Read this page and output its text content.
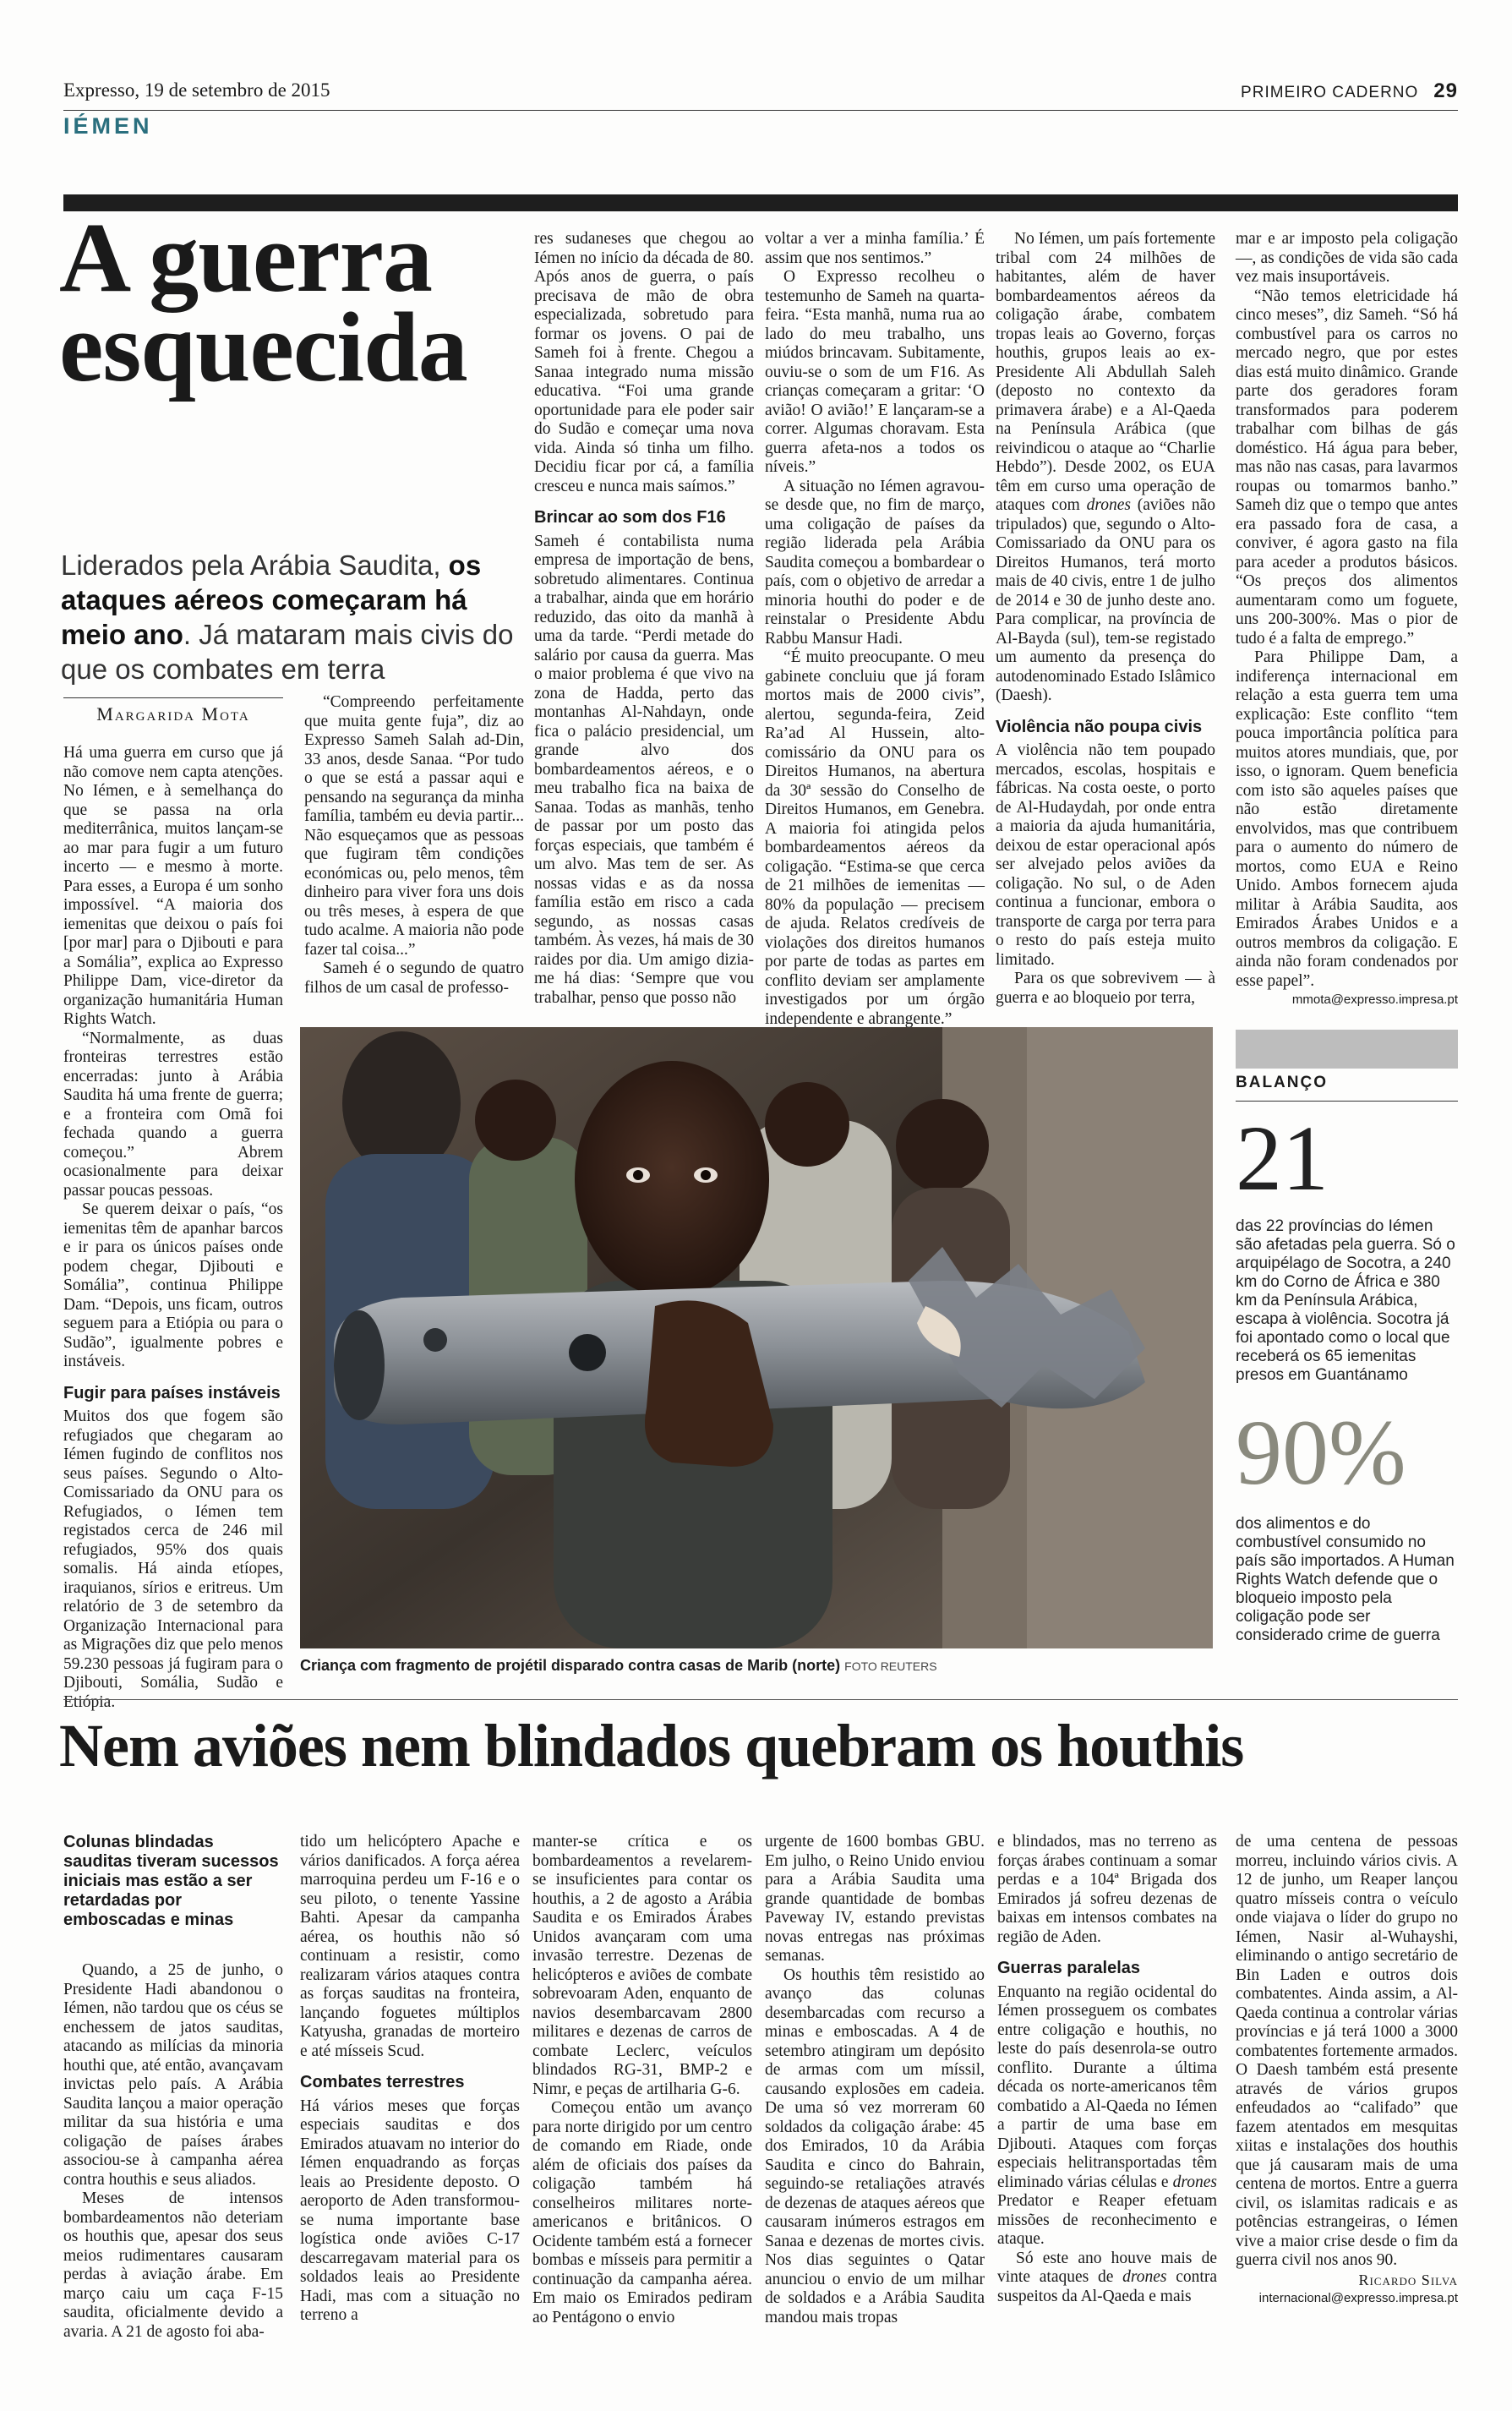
Expresso, 19 de setembro de 2015	PRIMEIRO CADERNO 29
IÉMEN
A guerra
esquecida
Liderados pela Arábia Saudita, os ataques aéreos começaram há meio ano. Já mataram mais civis do que os combates em terra
Margarida Mota

Há uma guerra em curso que já não comove nem capta atenções. No Iémen, e à semelhança do que se passa na orla mediterrânica, muitos lançam-se ao mar para fugir a um futuro incerto — e mesmo à morte. Para esses, a Europa é um sonho impossível. “A maioria dos iemenitas que deixou o país foi [por mar] para o Djibouti e para a Somália”, explica ao Expresso Philippe Dam, vice-diretor da organização humanitária Human Rights Watch.

“Normalmente, as duas fronteiras terrestres estão encerradas: junto à Arábia Saudita há uma frente de guerra; e a fronteira com Omã foi fechada quando a guerra começou.” Abrem ocasionalmente para deixar passar poucas pessoas.

Se querem deixar o país, “os iemenitas têm de apanhar barcos e ir para os únicos países onde podem chegar, Djibouti e Somália”, continua Philippe Dam. “Depois, uns ficam, outros seguem para a Etiópia ou para o Sudão”, igualmente pobres e instáveis.

Fugir para países instáveis

Muitos dos que fogem são refugiados que chegaram ao Iémen fugindo de conflitos nos seus países. Segundo o Alto-Comissariado da ONU para os Refugiados, o Iémen tem registados cerca de 246 mil refugiados, 95% dos quais somalis. Há ainda etíopes, iraquianos, sírios e eritreus. Um relatório de 3 de setembro da Organização Internacional para as Migrações diz que pelo menos 59.230 pessoas já fugiram para o Djibouti, Somália, Sudão e Etiópia.

“Compreendo perfeitamente que muita gente fuja”, diz ao Expresso Sameh Salah ad-Din, 33 anos, desde Sanaa. “Por tudo o que se está a passar aqui e pensando na segurança da minha família, também eu devia partir... Não esqueçamos que as pessoas que fugiram têm condições económicas ou, pelo menos, têm dinheiro para viver fora uns dois ou três meses, à espera de que tudo acalme. A maioria não pode fazer tal coisa...”

Sameh é o segundo de quatro filhos de um casal de professo-

res sudaneses que chegou ao Iémen no início da década de 80. Após anos de guerra, o país precisava de mão de obra especializada, sobretudo para formar os jovens. O pai de Sameh foi à frente. Chegou a Sanaa integrado numa missão educativa. “Foi uma grande oportunidade para ele poder sair do Sudão e começar uma nova vida. Ainda só tinha um filho. Decidiu ficar por cá, a família cresceu e nunca mais saímos.”

Brincar ao som dos F16

Sameh é contabilista numa empresa de importação de bens, sobretudo alimentares. Continua a trabalhar, ainda que em horário reduzido, das oito da manhã à uma da tarde. “Perdi metade do salário por causa da guerra. Mas o maior problema é que vivo na zona de Hadda, perto das montanhas Al-Nahdayn, onde fica o palácio presidencial, um grande alvo dos bombardeamentos aéreos, e o meu trabalho fica na baixa de Sanaa. Todas as manhãs, tenho de passar por um posto das forças especiais, que também é um alvo. Mas tem de ser. As nossas vidas e as da nossa família estão em risco a cada segundo, as nossas casas também. Às vezes, há mais de 30 raides por dia. Um amigo dizia-me há dias: ‘Sempre que vou trabalhar, penso que posso não

voltar a ver a minha família.’ É assim que nos sentimos.”

O Expresso recolheu o testemunho de Sameh na quarta-feira. “Esta manhã, numa rua ao lado do meu trabalho, uns miúdos brincavam. Subitamente, ouviu-se o som de um F16. As crianças começaram a gritar: ‘O avião! O avião!’ E lançaram-se a correr. Algumas choravam. Esta guerra afeta-nos a todos os níveis.”

A situação no Iémen agravou-se desde que, no fim de março, uma coligação de países da região liderada pela Arábia Saudita começou a bombardear o país, com o objetivo de arredar a minoria houthi do poder e de reinstalar o Presidente Abdu Rabbu Mansur Hadi.

“É muito preocupante. O meu gabinete concluiu que já foram mortos mais de 2000 civis”, alertou, segunda-feira, Zeid Ra’ad Al Hussein, alto-comissário da ONU para os Direitos Humanos, na abertura da 30ª sessão do Conselho de Direitos Humanos, em Genebra. A maioria foi atingida pelos bombardeamentos aéreos da coligação. “Estima-se que cerca de 21 milhões de iemenitas — 80% da população — precisem de ajuda. Relatos credíveis de violações dos direitos humanos por parte de todas as partes em conflito deviam ser amplamente investigados por um órgão independente e abrangente.”

No Iémen, um país fortemente tribal com 24 milhões de habitantes, além de haver bombardeamentos aéreos da coligação árabe, combatem tropas leais ao Governo, forças houthis, grupos leais ao ex-Presidente Ali Abdullah Saleh (deposto no contexto da primavera árabe) e a Al-Qaeda na Península Arábica (que reivindicou o ataque ao “Charlie Hebdo”). Desde 2002, os EUA têm em curso uma operação de ataques com drones (aviões não tripulados) que, segundo o Alto-Comissariado da ONU para os Direitos Humanos, terá morto mais de 40 civis, entre 1 de julho de 2014 e 30 de junho deste ano. Para complicar, na província de Al-Bayda (sul), tem-se registado um aumento da presença do autodenominado Estado Islâmico (Daesh).

Violência não poupa civis

A violência não tem poupado mercados, escolas, hospitais e fábricas. Na costa oeste, o porto de Al-Hudaydah, por onde entra a maioria da ajuda humanitária, deixou de estar operacional após ser alvejado pelos aviões da coligação. No sul, o de Aden continua a funcionar, embora o transporte de carga por terra para o resto do país esteja muito limitado.

Para os que sobrevivem — à guerra e ao bloqueio por terra,

mar e ar imposto pela coligação —, as condições de vida são cada vez mais insuportáveis.

“Não temos eletricidade há cinco meses”, diz Sameh. “Só há combustível para os carros no mercado negro, que por estes dias está muito dinâmico. Grande parte dos geradores foram transformados para poderem trabalhar com bilhas de gás doméstico. Há água para beber, mas não nas casas, para lavarmos roupas ou tomarmos banho.” Sameh diz que o tempo que antes era passado fora de casa, a conviver, é agora gasto na fila para aceder a produtos básicos. “Os preços dos alimentos aumentaram como um foguete, uns 200-300%. Mas o pior de tudo é a falta de emprego.”

Para Philippe Dam, a indiferença internacional em relação a esta guerra tem uma explicação: Este conflito “tem pouca importância política para muitos atores mundiais, que, por isso, o ignoram. Quem beneficia com isto são aqueles países que não estão diretamente envolvidos, mas que contribuem para o aumento do número de mortos, como EUA e Reino Unido. Ambos fornecem ajuda militar à Arábia Saudita, aos Emirados Árabes Unidos e a outros membros da coligação. E ainda não foram condenados por esse papel”.

mmota@expresso.impresa.pt

Criança com fragmento de projétil disparado contra casas de Marib (norte) FOTO REUTERS
BALANÇO
21
das 22 províncias do Iémen são afetadas pela guerra. Só o arquipélago de Socotra, a 240 km do Corno de África e 380 km da Península Arábica, escapa à violência. Socotra já foi apontado como o local que receberá os 65 iemenitas presos em Guantánamo
90%
dos alimentos e do combustível consumido no país são importados. A Human Rights Watch defende que o bloqueio imposto pela coligação pode ser considerado crime de guerra
Nem aviões nem blindados quebram os houthis
Colunas blindadas sauditas tiveram sucessos iniciais mas estão a ser retardadas por emboscadas e minas

Quando, a 25 de junho, o Presidente Hadi abandonou o Iémen, não tardou que os céus se enchessem de jatos sauditas, atacando as milícias da minoria houthi que, até então, avançavam invictas pelo país. A Arábia Saudita lançou a maior operação militar da sua história e uma coligação de países árabes associou-se à campanha aérea contra houthis e seus aliados.

Meses de intensos bombardeamentos não deteriam os houthis que, apesar dos seus meios rudimentares causaram perdas à aviação árabe. Em março caiu um caça F-15 saudita, oficialmente devido a avaria. A 21 de agosto foi aba-

tido um helicóptero Apache e vários danificados. A força aérea marroquina perdeu um F-16 e o seu piloto, o tenente Yassine Bahti. Apesar da campanha aérea, os houthis não só continuam a resistir, como realizaram vários ataques contra as forças sauditas na fronteira, lançando foguetes múltiplos Katyusha, granadas de morteiro e até mísseis Scud.

Combates terrestres

Há vários meses que forças especiais sauditas e dos Emirados atuavam no interior do Iémen enquadrando as forças leais ao Presidente deposto. O aeroporto de Aden transformou-se numa importante base logística onde aviões C-17 descarregavam material para os soldados leais ao Presidente Hadi, mas com a situação no terreno a

manter-se crítica e os bombardeamentos a revelarem-se insuficientes para contar os houthis, a 2 de agosto a Arábia Saudita e os Emirados Árabes Unidos avançaram com uma invasão terrestre. Dezenas de helicópteros e aviões de combate sobrevoaram Aden, enquanto de navios desembarcavam 2800 militares e dezenas de carros de combate Leclerc, veículos blindados RG-31, BMP-2 e Nimr, e peças de artilharia G-6.

Começou então um avanço para norte dirigido por um centro de comando em Riade, onde além de oficiais dos países da coligação também há conselheiros militares norte-americanos e britânicos. O Ocidente também está a fornecer bombas e mísseis para permitir a continuação da campanha aérea. Em maio os Emirados pediram ao Pentágono o envio

urgente de 1600 bombas GBU. Em julho, o Reino Unido enviou para a Arábia Saudita uma grande quantidade de bombas Paveway IV, estando previstas novas entregas nas próximas semanas.

Os houthis têm resistido ao avanço das colunas desembarcadas com recurso a minas e emboscadas. A 4 de setembro atingiram um depósito de armas com um míssil, causando explosões em cadeia. De uma só vez morreram 60 soldados da coligação árabe: 45 dos Emirados, 10 da Arábia Saudita e cinco do Bahrain, seguindo-se retaliações através de dezenas de ataques aéreos que causaram inúmeros estragos em Sanaa e dezenas de mortes civis. Nos dias seguintes o Qatar anunciou o envio de um milhar de soldados e a Arábia Saudita mandou mais tropas

e blindados, mas no terreno as forças árabes continuam a somar perdas e a 104ª Brigada dos Emirados já sofreu dezenas de baixas em intensos combates na região de Aden.

Guerras paralelas

Enquanto na região ocidental do Iémen prosseguem os combates entre coligação e houthis, no leste do país desenrola-se outro conflito. Durante a última década os norte-americanos têm combatido a Al-Qaeda no Iémen a partir de uma base em Djibouti. Ataques com forças especiais helitransportadas têm eliminado várias células e drones Predator e Reaper efetuam missões de reconhecimento e ataque.

Só este ano houve mais de vinte ataques de drones contra suspeitos da Al-Qaeda e mais

de uma centena de pessoas morreu, incluindo vários civis. A 12 de junho, um Reaper lançou quatro mísseis contra o veículo onde viajava o líder do grupo no Iémen, Nasir al-Wuhayshi, eliminando o antigo secretário de Bin Laden e outros dois combatentes. Ainda assim, a Al-Qaeda continua a controlar várias províncias e já terá 1000 a 3000 combatentes fortemente armados. O Daesh também está presente através de vários grupos enfeudados ao “califado” que fazem atentados em mesquitas xiitas e instalações dos houthis que já causaram mais de uma centena de mortos. Entre a guerra civil, os islamitas radicais e as potências estrangeiras, o Iémen vive a maior crise desde o fim da guerra civil nos anos 90.

Ricardo Silva

internacional@expresso.impresa.pt
